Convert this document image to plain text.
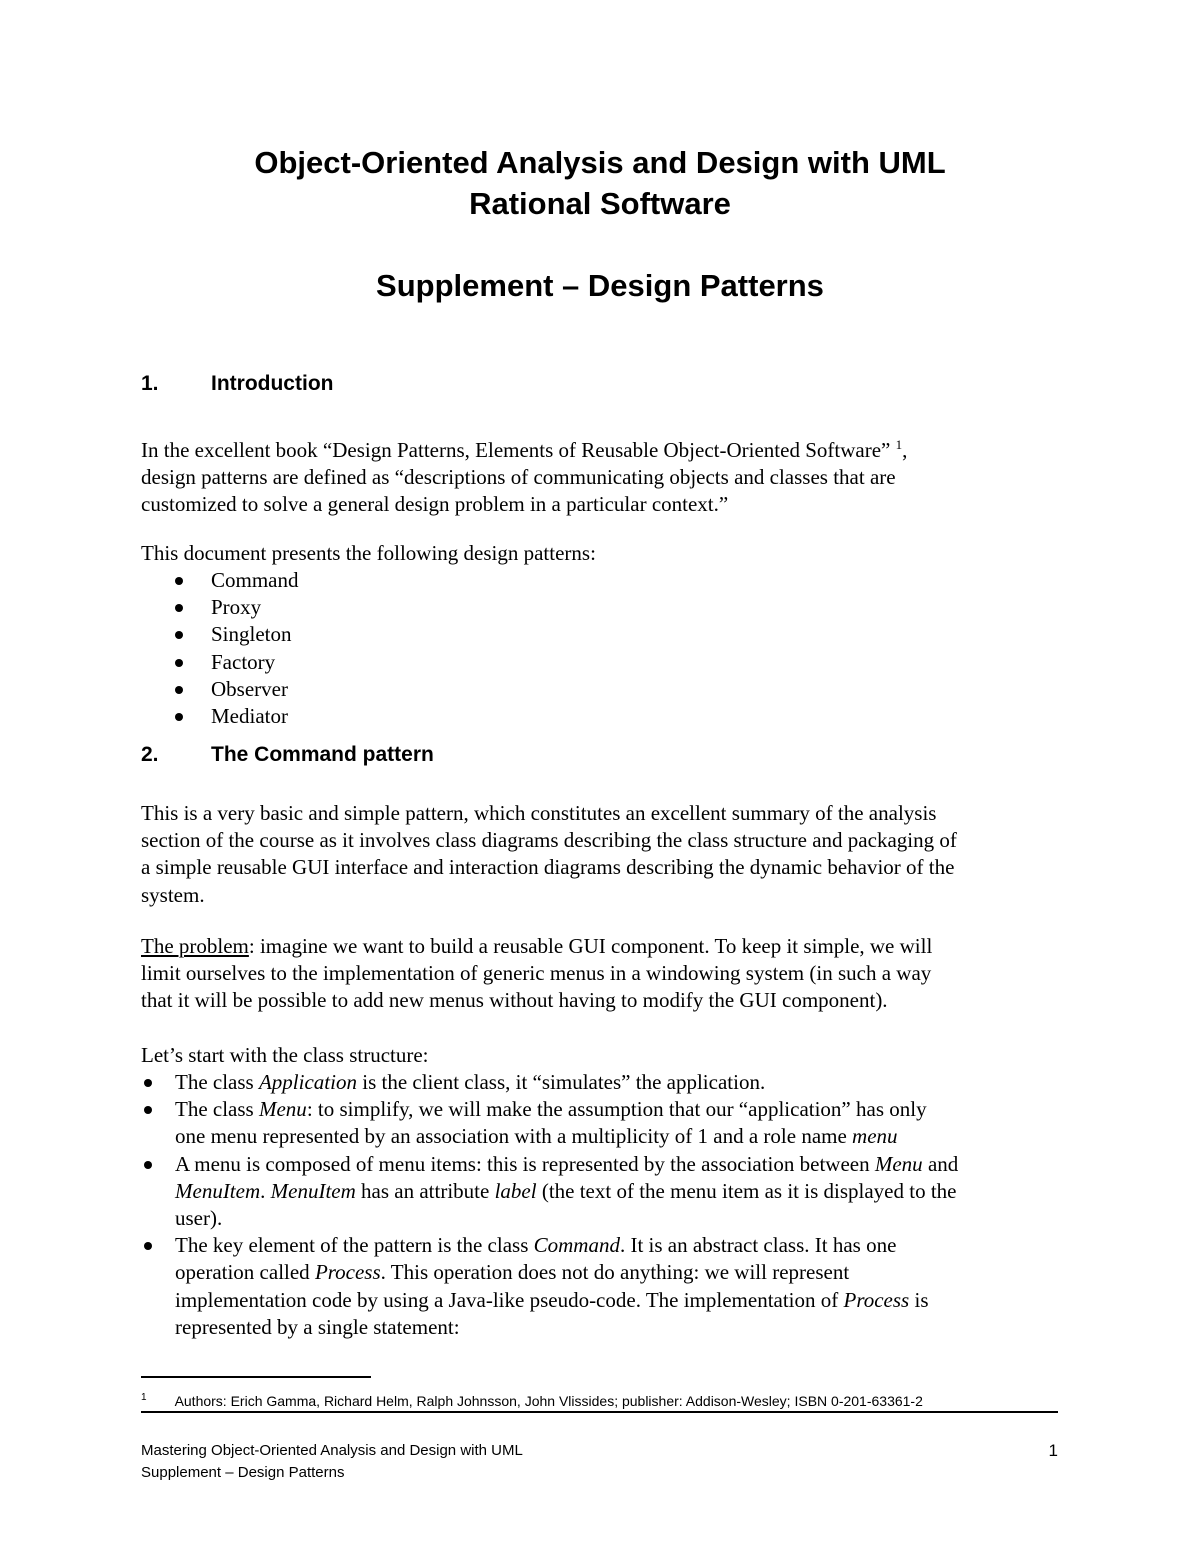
Object-Oriented Analysis and Design with UML
Rational Software
Supplement – Design Patterns
1. Introduction
In the excellent book “Design Patterns, Elements of Reusable Object-Oriented Software” $^1$,
design patterns are defined as “descriptions of communicating objects and classes that are
customized to solve a general design problem in a particular context.”
This document presents the following design patterns:
Command
Proxy
Singleton
Factory
Observer
Mediator
2. The Command pattern
This is a very basic and simple pattern, which constitutes an excellent summary of the analysis
section of the course as it involves class diagrams describing the class structure and packaging of
a simple reusable GUI interface and interaction diagrams describing the dynamic behavior of the
system.
The problem: imagine we want to build a reusable GUI component. To keep it simple, we will
limit ourselves to the implementation of generic menus in a windowing system (in such a way
that it will be possible to add new menus without having to modify the GUI component).
Let’s start with the class structure:
The class Application is the client class, it “simulates” the application.
The class Menu: to simplify, we will make the assumption that our “application” has only
one menu represented by an association with a multiplicity of 1 and a role name menu
A menu is composed of menu items: this is represented by the association between Menu and
MenuItem. MenuItem has an attribute label (the text of the menu item as it is displayed to the
user).
The key element of the pattern is the class Command. It is an abstract class. It has one
operation called Process. This operation does not do anything: we will represent
implementation code by using a Java-like pseudo-code. The implementation of Process is
represented by a single statement:
$^1$ Authors: Erich Gamma, Richard Helm, Ralph Johnsson, John Vlissides; publisher: Addison-Wesley; ISBN 0-201-63361-2
Mastering Object-Oriented Analysis and Design with UML
Supplement – Design Patterns
1
